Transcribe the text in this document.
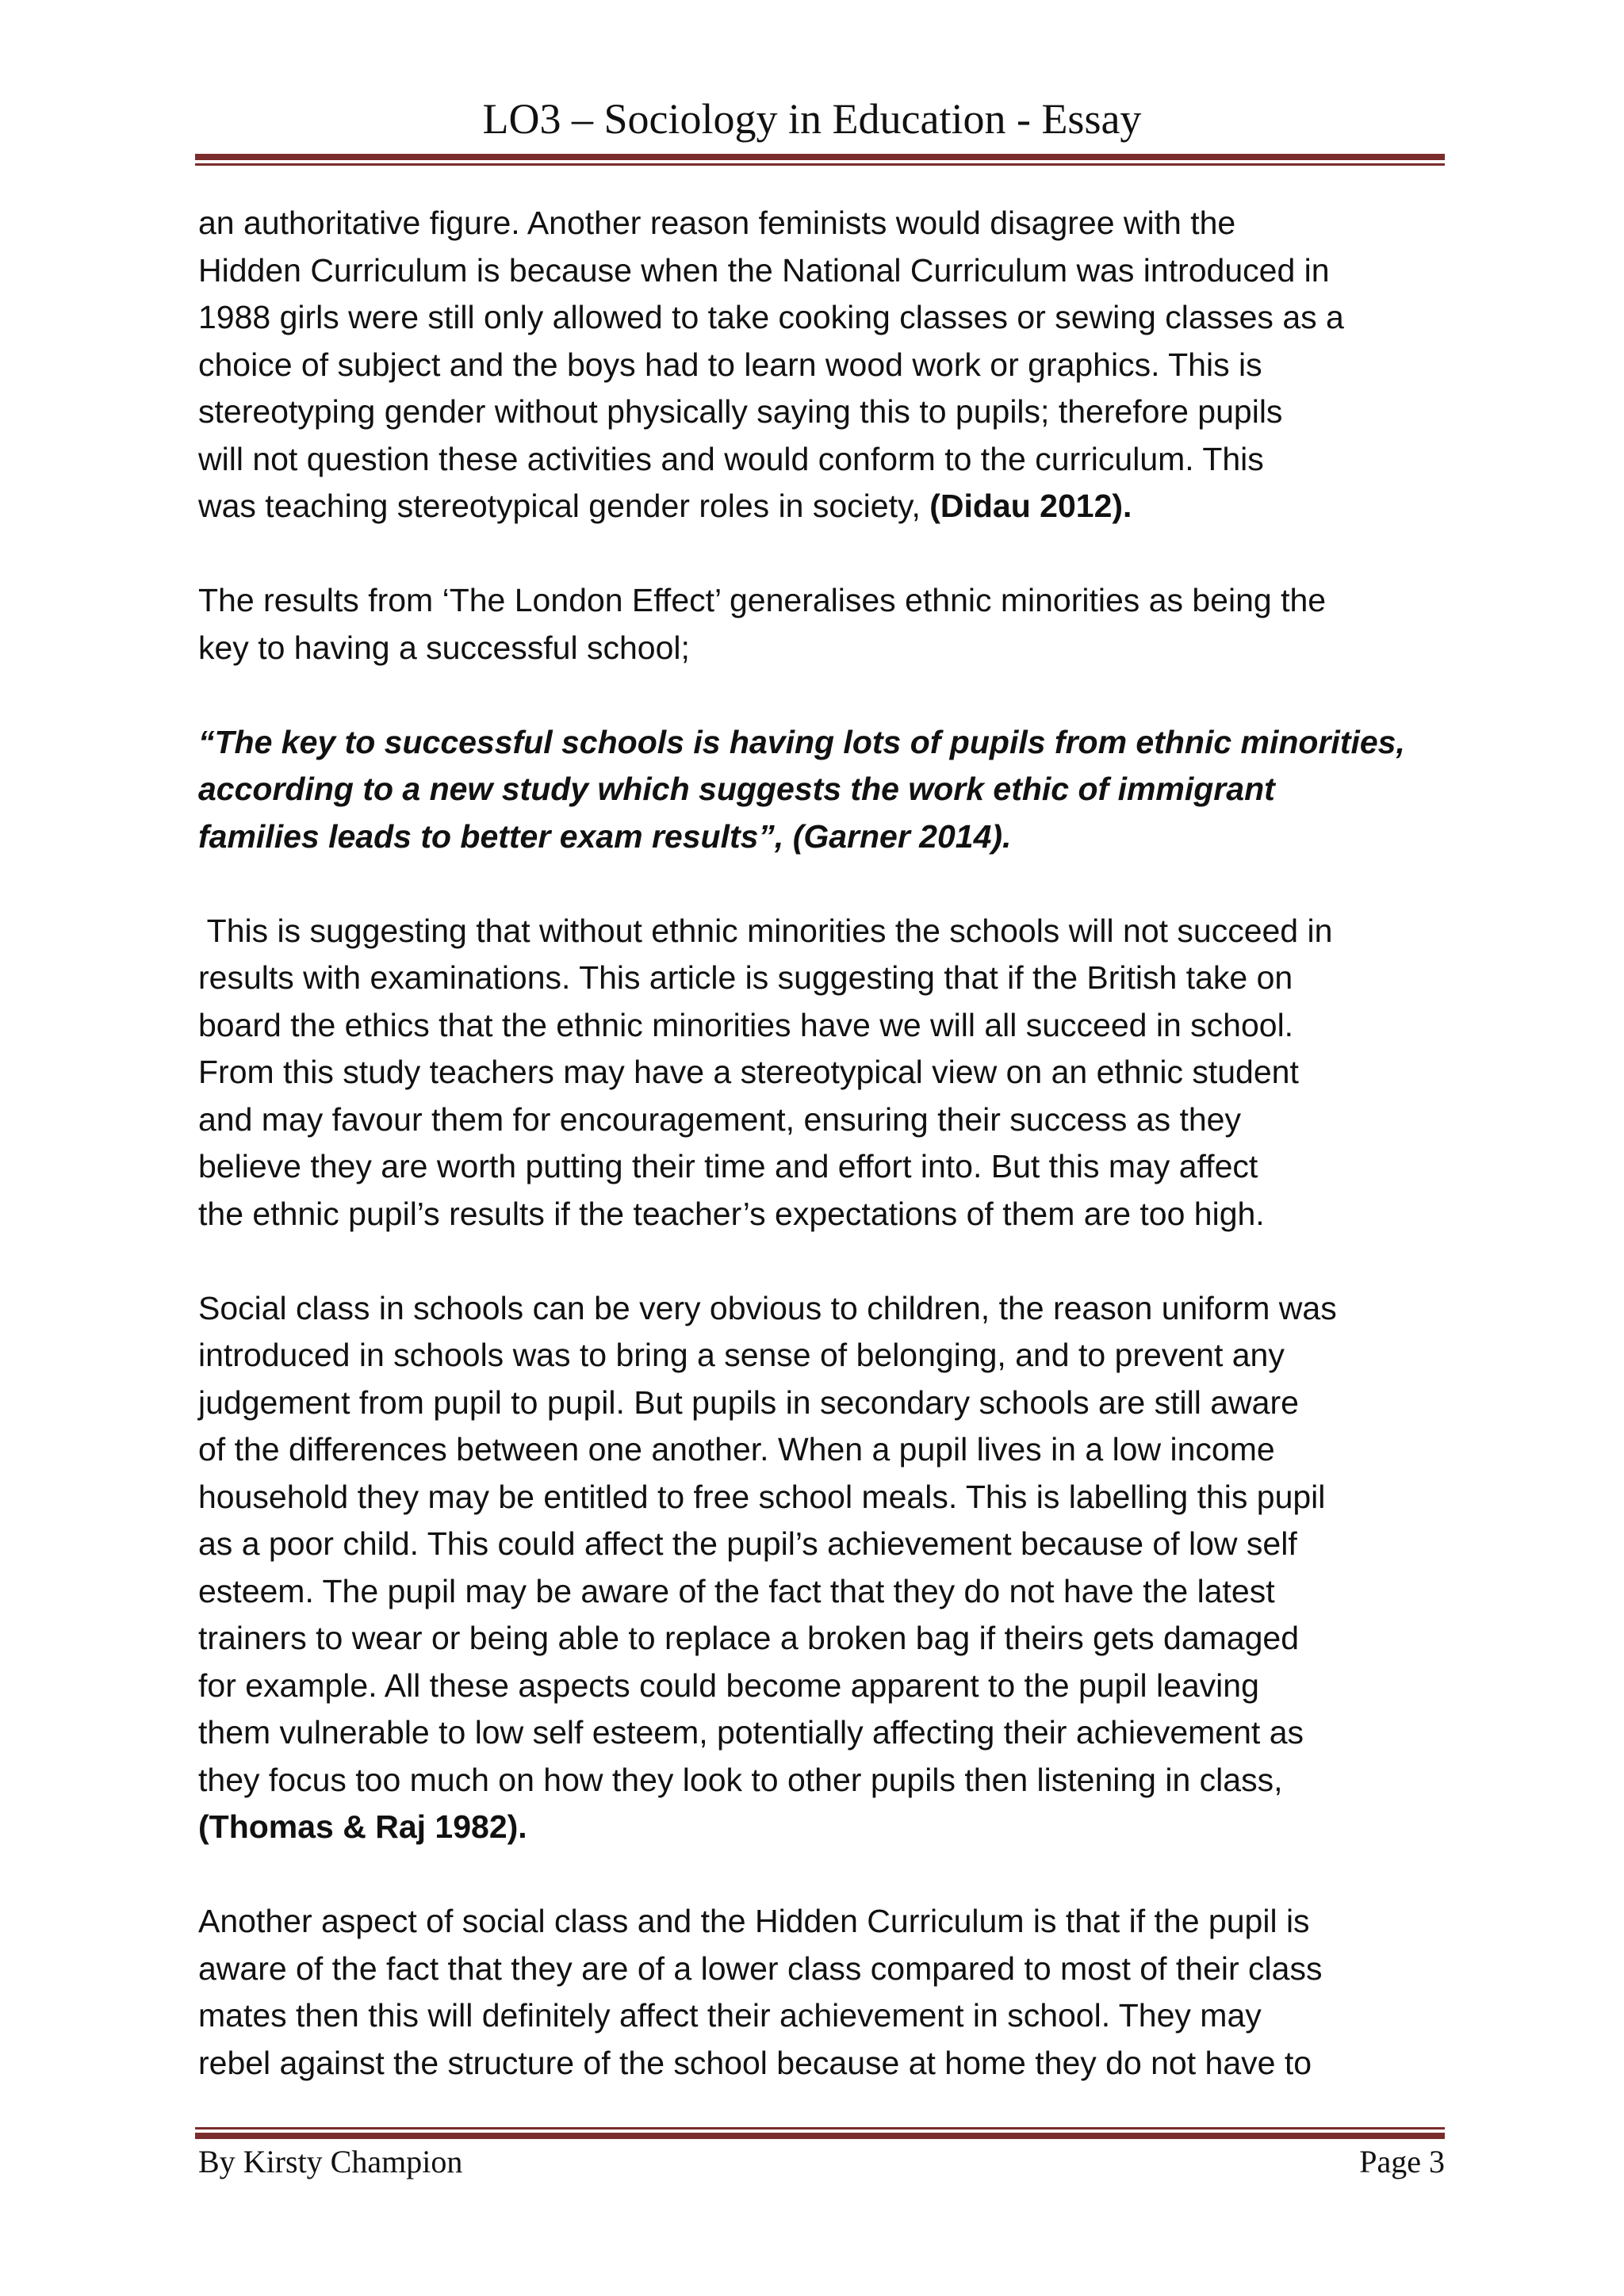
LO3 – Sociology in Education - Essay

an authoritative figure. Another reason feminists would disagree with the
Hidden Curriculum is because when the National Curriculum was introduced in
1988 girls were still only allowed to take cooking classes or sewing classes as a
choice of subject and the boys had to learn wood work or graphics. This is
stereotyping gender without physically saying this to pupils; therefore pupils
will not question these activities and would conform to the curriculum. This
was teaching stereotypical gender roles in society, (Didau 2012).

The results from ‘The London Effect’ generalises ethnic minorities as being the
key to having a successful school;

“The key to successful schools is having lots of pupils from ethnic minorities,
according to a new study which suggests the work ethic of immigrant
families leads to better exam results”, (Garner 2014).

This is suggesting that without ethnic minorities the schools will not succeed in
results with examinations. This article is suggesting that if the British take on
board the ethics that the ethnic minorities have we will all succeed in school.
From this study teachers may have a stereotypical view on an ethnic student
and may favour them for encouragement, ensuring their success as they
believe they are worth putting their time and effort into. But this may affect
the ethnic pupil’s results if the teacher’s expectations of them are too high.

Social class in schools can be very obvious to children, the reason uniform was
introduced in schools was to bring a sense of belonging, and to prevent any
judgement from pupil to pupil. But pupils in secondary schools are still aware
of the differences between one another. When a pupil lives in a low income
household they may be entitled to free school meals. This is labelling this pupil
as a poor child. This could affect the pupil’s achievement because of low self
esteem. The pupil may be aware of the fact that they do not have the latest
trainers to wear or being able to replace a broken bag if theirs gets damaged
for example. All these aspects could become apparent to the pupil leaving
them vulnerable to low self esteem, potentially affecting their achievement as
they focus too much on how they look to other pupils then listening in class,
(Thomas & Raj 1982).

Another aspect of social class and the Hidden Curriculum is that if the pupil is
aware of the fact that they are of a lower class compared to most of their class
mates then this will definitely affect their achievement in school. They may
rebel against the structure of the school because at home they do not have to

By Kirsty Champion	Page 3
